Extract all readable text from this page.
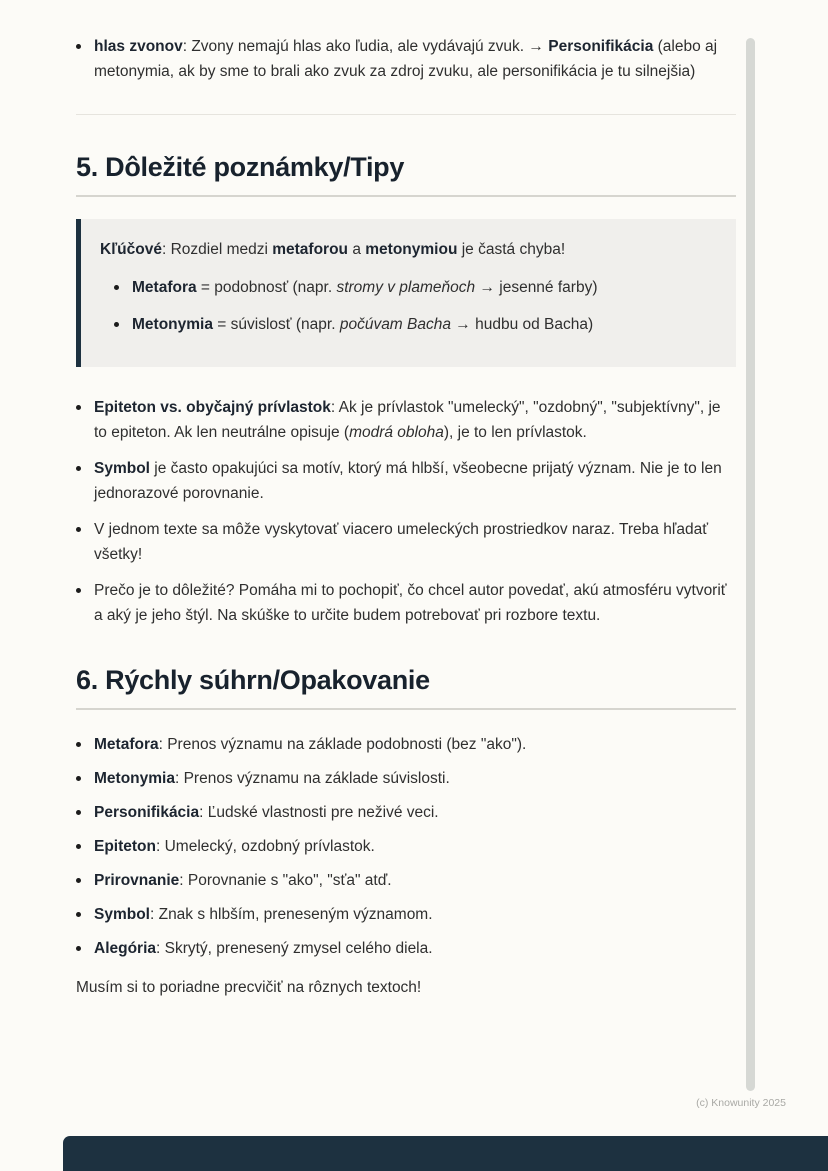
hlas zvonov: Zvony nemajú hlas ako ľudia, ale vydávajú zvuk. → Personifikácia (alebo aj metonymia, ak by sme to brali ako zvuk za zdroj zvuku, ale personifikácia je tu silnejšia)

5. Dôležité poznámky/Tipy

Kľúčové: Rozdiel medzi metaforou a metonymiou je častá chyba!

Metafora = podobnosť (napr. stromy v plameňoch → jesenné farby)

Metonymia = súvislosť (napr. počúvam Bacha → hudbu od Bacha)

Epiteton vs. obyčajný prívlastok: Ak je prívlastok "umelecký", "ozdobný", "subjektívny", je to epiteton. Ak len neutrálne opisuje (modrá obloha), je to len prívlastok.

Symbol je často opakujúci sa motív, ktorý má hlbší, všeobecne prijatý význam. Nie je to len jednorazové porovnanie.

V jednom texte sa môže vyskytovať viacero umeleckých prostriedkov naraz. Treba hľadať všetky!

Prečo je to dôležité? Pomáha mi to pochopiť, čo chcel autor povedať, akú atmosféru vytvoriť a aký je jeho štýl. Na skúške to určite budem potrebovať pri rozbore textu.

6. Rýchly súhrn/Opakovanie

Metafora: Prenos významu na základe podobnosti (bez "ako").

Metonymia: Prenos významu na základe súvislosti.

Personifikácia: Ľudské vlastnosti pre neživé veci.

Epiteton: Umelecký, ozdobný prívlastok.

Prirovnanie: Porovnanie s "ako", "sťa" atď.

Symbol: Znak s hlbším, preneseným významom.

Alegória: Skrytý, prenesený zmysel celého diela.

Musím si to poriadne precvičiť na rôznych textoch!

(c) Knowunity 2025
